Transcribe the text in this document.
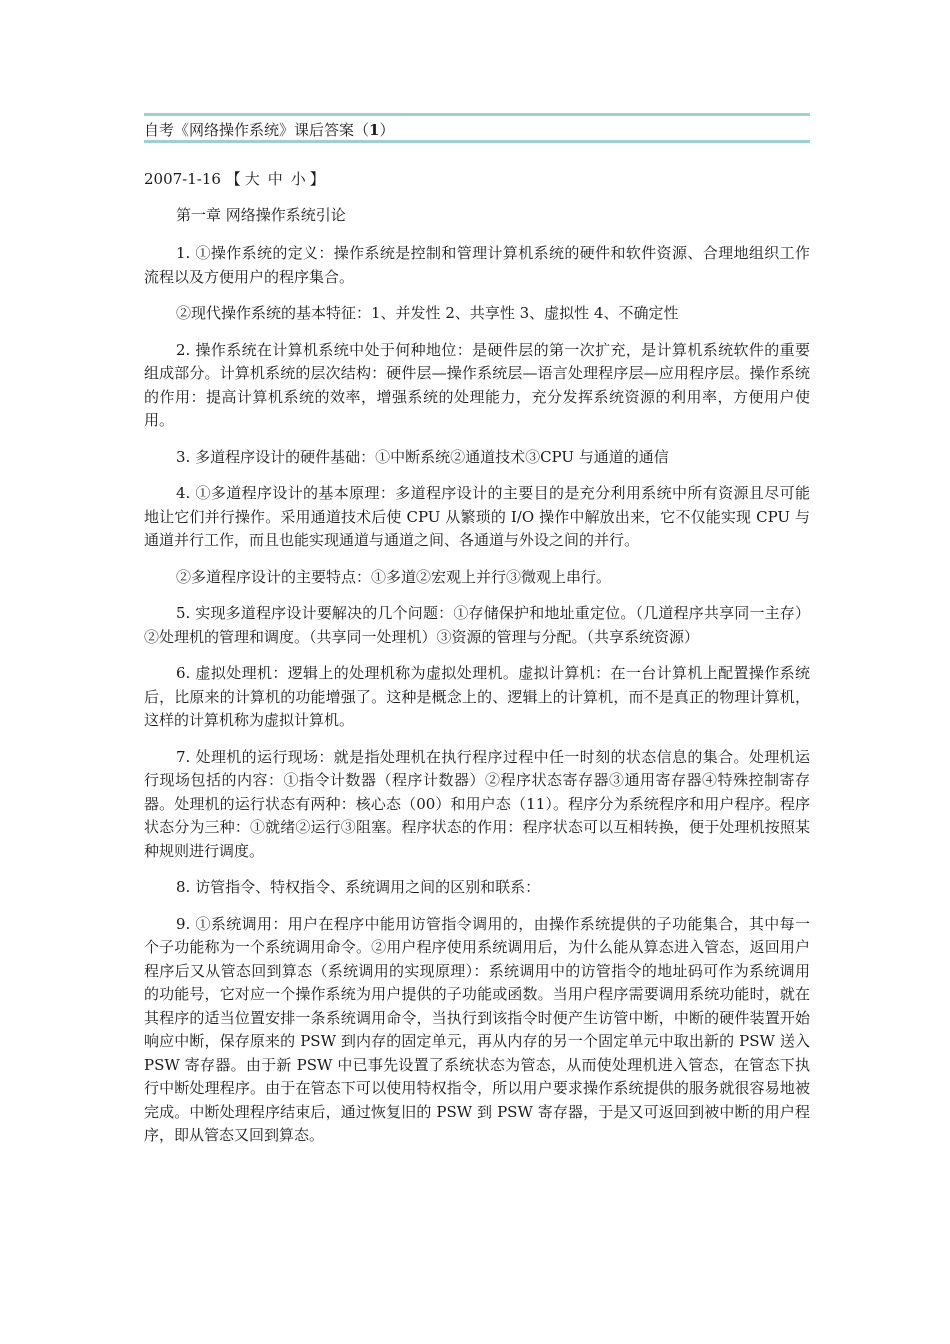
自考《网络操作系统》课后答案（1）
2007-1-16 【 大 中 小 】
第一章 网络操作系统引论

1. ①操作系统的定义：操作系统是控制和管理计算机系统的硬件和软件资源、合理地组织工作流程以及方便用户的程序集合。

②现代操作系统的基本特征：1、并发性 2、共享性 3、虚拟性 4、不确定性

2. 操作系统在计算机系统中处于何种地位：是硬件层的第一次扩充，是计算机系统软件的重要组成部分。计算机系统的层次结构：硬件层—操作系统层—语言处理程序层—应用程序层。操作系统的作用：提高计算机系统的效率，增强系统的处理能力，充分发挥系统资源的利用率，方便用户使用。

3. 多道程序设计的硬件基础：①中断系统②通道技术③CPU 与通道的通信

4. ①多道程序设计的基本原理：多道程序设计的主要目的是充分利用系统中所有资源且尽可能地让它们并行操作。采用通道技术后使 CPU 从繁琐的 I/O 操作中解放出来，它不仅能实现 CPU 与通道并行工作，而且也能实现通道与通道之间、各通道与外设之间的并行。

②多道程序设计的主要特点：①多道②宏观上并行③微观上串行。

5. 实现多道程序设计要解决的几个问题：①存储保护和地址重定位。（几道程序共享同一主存）②处理机的管理和调度。（共享同一处理机）③资源的管理与分配。（共享系统资源）

6. 虚拟处理机：逻辑上的处理机称为虚拟处理机。虚拟计算机：在一台计算机上配置操作系统后，比原来的计算机的功能增强了。这种是概念上的、逻辑上的计算机，而不是真正的物理计算机，这样的计算机称为虚拟计算机。

7. 处理机的运行现场：就是指处理机在执行程序过程中任一时刻的状态信息的集合。处理机运行现场包括的内容：①指令计数器（程序计数器）②程序状态寄存器③通用寄存器④特殊控制寄存器。处理机的运行状态有两种：核心态（00）和用户态（11）。程序分为系统程序和用户程序。程序状态分为三种：①就绪②运行③阻塞。程序状态的作用：程序状态可以互相转换，便于处理机按照某种规则进行调度。

8. 访管指令、特权指令、系统调用之间的区别和联系：

9. ①系统调用：用户在程序中能用访管指令调用的，由操作系统提供的子功能集合，其中每一个子功能称为一个系统调用命令。②用户程序使用系统调用后，为什么能从算态进入管态，返回用户程序后又从管态回到算态（系统调用的实现原理）：系统调用中的访管指令的地址码可作为系统调用的功能号，它对应一个操作系统为用户提供的子功能或函数。当用户程序需要调用系统功能时，就在其程序的适当位置安排一条系统调用命令，当执行到该指令时便产生访管中断，中断的硬件装置开始响应中断，保存原来的 PSW 到内存的固定单元，再从内存的另一个固定单元中取出新的 PSW 送入 PSW 寄存器。由于新 PSW 中已事先设置了系统状态为管态，从而使处理机进入管态，在管态下执行中断处理程序。由于在管态下可以使用特权指令，所以用户要求操作系统提供的服务就很容易地被完成。中断处理程序结束后，通过恢复旧的 PSW 到 PSW 寄存器，于是又可返回到被中断的用户程序，即从管态又回到算态。
